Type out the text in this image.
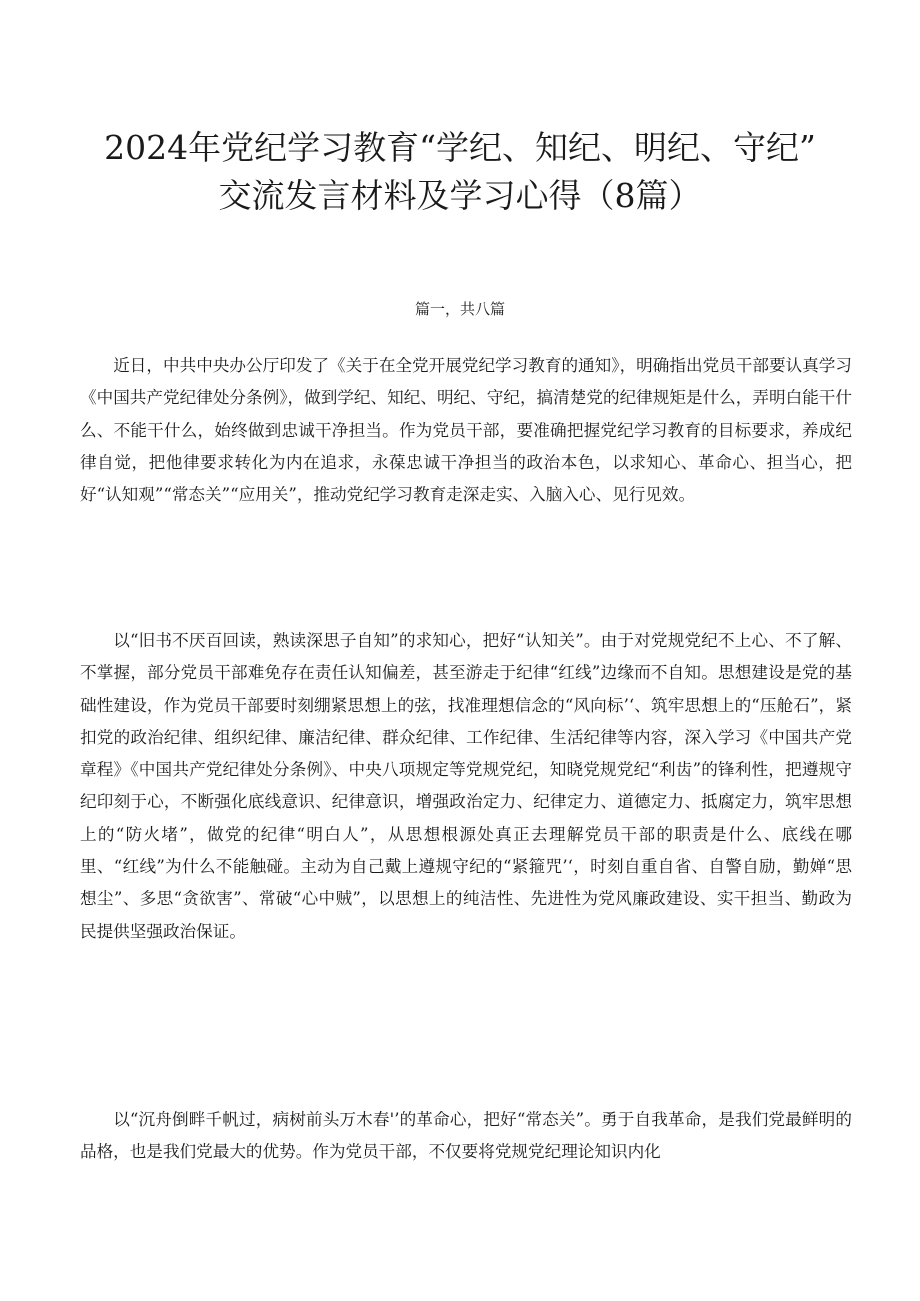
2024年党纪学习教育“学纪、知纪、明纪、守纪”
交流发言材料及学习心得（8篇）

篇一，共八篇

近日，中共中央办公厅印发了《关于在全党开展党纪学习教育的通知》，明确指出党员干部要认真学习《中国共产党纪律处分条例》，做到学纪、知纪、明纪、守纪，搞清楚党的纪律规矩是什么，弄明白能干什么、不能干什么，始终做到忠诚干净担当。作为党员干部，要准确把握党纪学习教育的目标要求，养成纪律自觉，把他律要求转化为内在追求，永葆忠诚干净担当的政治本色，以求知心、革命心、担当心，把好“认知观”“常态关”“应用关”，推动党纪学习教育走深走实、入脑入心、见行见效。

以“旧书不厌百回读，熟读深思子自知”的求知心，把好“认知关”。由于对党规党纪不上心、不了解、不掌握，部分党员干部难免存在责任认知偏差，甚至游走于纪律“红线”边缘而不自知。思想建设是党的基础性建设，作为党员干部要时刻绷紧思想上的弦，找准理想信念的“风向标’‘、筑牢思想上的“压舱石”，紧扣党的政治纪律、组织纪律、廉洁纪律、群众纪律、工作纪律、生活纪律等内容，深入学习《中国共产党章程》《中国共产党纪律处分条例》、中央八项规定等党规党纪，知晓党规党纪“利齿”的锋利性，把遵规守纪印刻于心，不断强化底线意识、纪律意识，增强政治定力、纪律定力、道德定力、抵腐定力，筑牢思想上的“防火堵”，做党的纪律“明白人”，从思想根源处真正去理解党员干部的职责是什么、底线在哪里、“红线”为什么不能触碰。主动为自己戴上遵规守纪的“紧箍咒’‘，时刻自重自省、自警自励，勤婵“思想尘”、多思“贪欲害”、常破“心中贼”，以思想上的纯洁性、先进性为党风廉政建设、实干担当、勤政为民提供坚强政治保证。

以“沉舟倒畔千帆过，病树前头万木春'’的革命心，把好“常态关”。勇于自我革命，是我们党最鲜明的品格，也是我们党最大的优势。作为党员干部，不仅要将党规党纪理论知识内化
